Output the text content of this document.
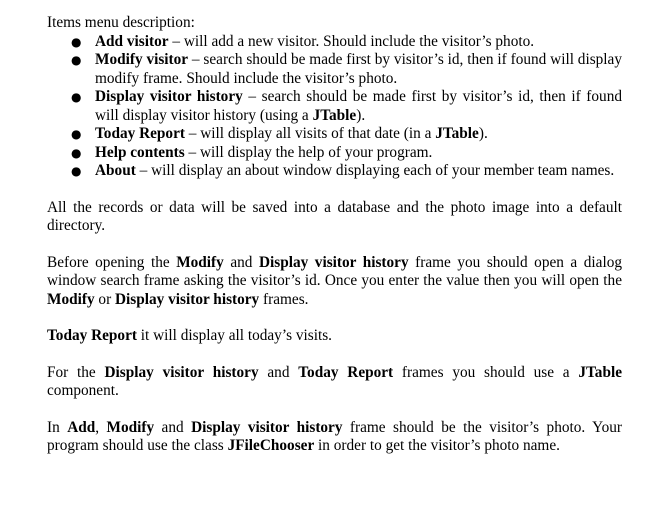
Items menu description:
● Add visitor – will add a new visitor. Should include the visitor’s photo.
● Modify visitor – search should be made first by visitor’s id, then if found will display modify frame. Should include the visitor’s photo.
● Display visitor history – search should be made first by visitor’s id, then if found will display visitor history (using a JTable).
● Today Report – will display all visits of that date (in a JTable).
● Help contents – will display the help of your program.
● About – will display an about window displaying each of your member team names.

All the records or data will be saved into a database and the photo image into a default directory.

Before opening the Modify and Display visitor history frame you should open a dialog window search frame asking the visitor’s id. Once you enter the value then you will open the Modify or Display visitor history frames.

Today Report it will display all today’s visits.

For the Display visitor history and Today Report frames you should use a JTable component.

In Add, Modify and Display visitor history frame should be the visitor’s photo. Your program should use the class JFileChooser in order to get the visitor’s photo name.
